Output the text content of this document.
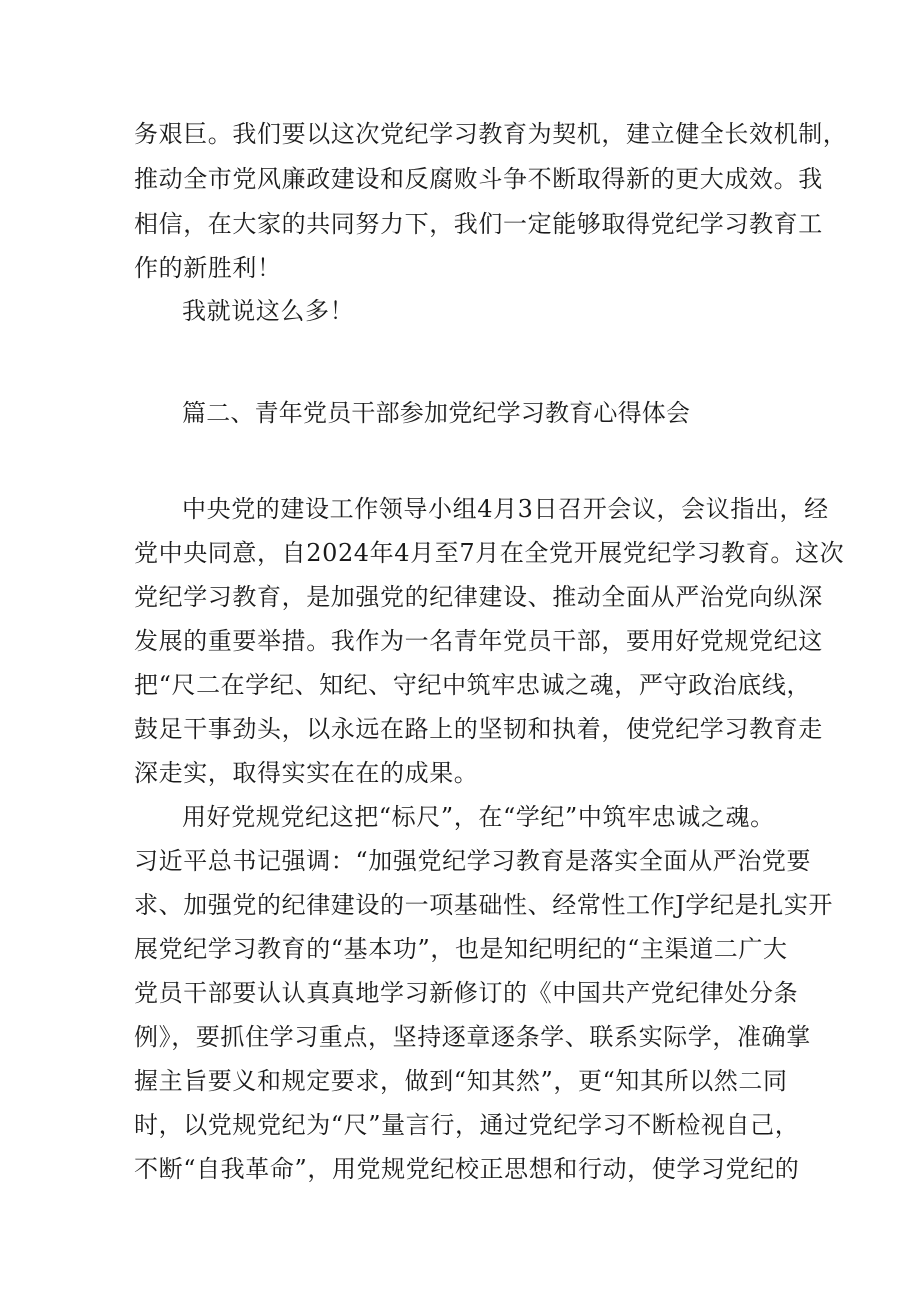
务艰巨。我们要以这次党纪学习教育为契机，建立健全长效机制，
推动全市党风廉政建设和反腐败斗争不断取得新的更大成效。我
相信，在大家的共同努力下，我们一定能够取得党纪学习教育工
作的新胜利！
我就说这么多！
篇二、青年党员干部参加党纪学习教育心得体会
中央党的建设工作领导小组4月3日召开会议，会议指出，经
党中央同意，自2024年4月至7月在全党开展党纪学习教育。这次
党纪学习教育，是加强党的纪律建设、推动全面从严治党向纵深
发展的重要举措。我作为一名青年党员干部，要用好党规党纪这
把“尺二在学纪、知纪、守纪中筑牢忠诚之魂，严守政治底线，
鼓足干事劲头，以永远在路上的坚韧和执着，使党纪学习教育走
深走实，取得实实在在的成果。
用好党规党纪这把“标尺”，在“学纪”中筑牢忠诚之魂。
习近平总书记强调：“加强党纪学习教育是落实全面从严治党要
求、加强党的纪律建设的一项基础性、经常性工作J学纪是扎实开
展党纪学习教育的“基本功”，也是知纪明纪的“主渠道二广大
党员干部要认认真真地学习新修订的《中国共产党纪律处分条
例》，要抓住学习重点，坚持逐章逐条学、联系实际学，准确掌
握主旨要义和规定要求，做到“知其然”，更“知其所以然二同
时，以党规党纪为“尺”量言行，通过党纪学习不断检视自己，
不断“自我革命”，用党规党纪校正思想和行动，使学习党纪的
